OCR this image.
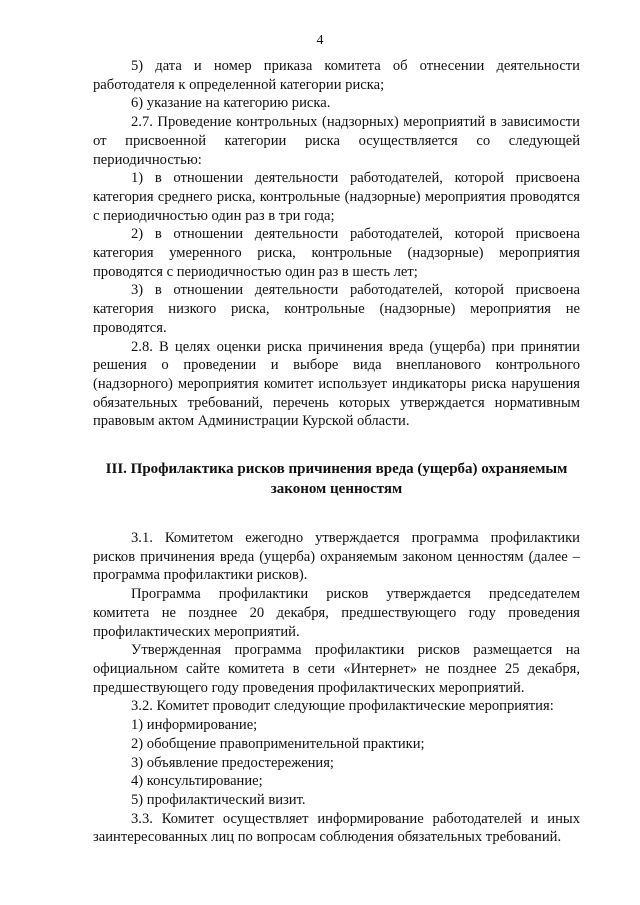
4

5) дата и номер приказа комитета об отнесении деятельности работодателя к определенной категории риска;

6) указание на категорию риска.

2.7. Проведение контрольных (надзорных) мероприятий в зависимости от присвоенной категории риска осуществляется со следующей периодичностью:

1) в отношении деятельности работодателей, которой присвоена категория среднего риска, контрольные (надзорные) мероприятия проводятся с периодичностью один раз в три года;

2) в отношении деятельности работодателей, которой присвоена категория умеренного риска, контрольные (надзорные) мероприятия проводятся с периодичностью один раз в шесть лет;

3) в отношении деятельности работодателей, которой присвоена категория низкого риска, контрольные (надзорные) мероприятия не проводятся.

2.8. В целях оценки риска причинения вреда (ущерба) при принятии решения о проведении и выборе вида внепланового контрольного (надзорного) мероприятия комитет использует индикаторы риска нарушения обязательных требований, перечень которых утверждается нормативным правовым актом Администрации Курской области.

III. Профилактика рисков причинения вреда (ущерба) охраняемым законом ценностям

3.1. Комитетом ежегодно утверждается программа профилактики рисков причинения вреда (ущерба) охраняемым законом ценностям (далее – программа профилактики рисков).

Программа профилактики рисков утверждается председателем комитета не позднее 20 декабря, предшествующего году проведения профилактических мероприятий.

Утвержденная программа профилактики рисков размещается на официальном сайте комитета в сети «Интернет» не позднее 25 декабря, предшествующего году проведения профилактических мероприятий.

3.2. Комитет проводит следующие профилактические мероприятия:

1) информирование;

2) обобщение правоприменительной практики;

3) объявление предостережения;

4) консультирование;

5) профилактический визит.

3.3. Комитет осуществляет информирование работодателей и иных заинтересованных лиц по вопросам соблюдения обязательных требований.
